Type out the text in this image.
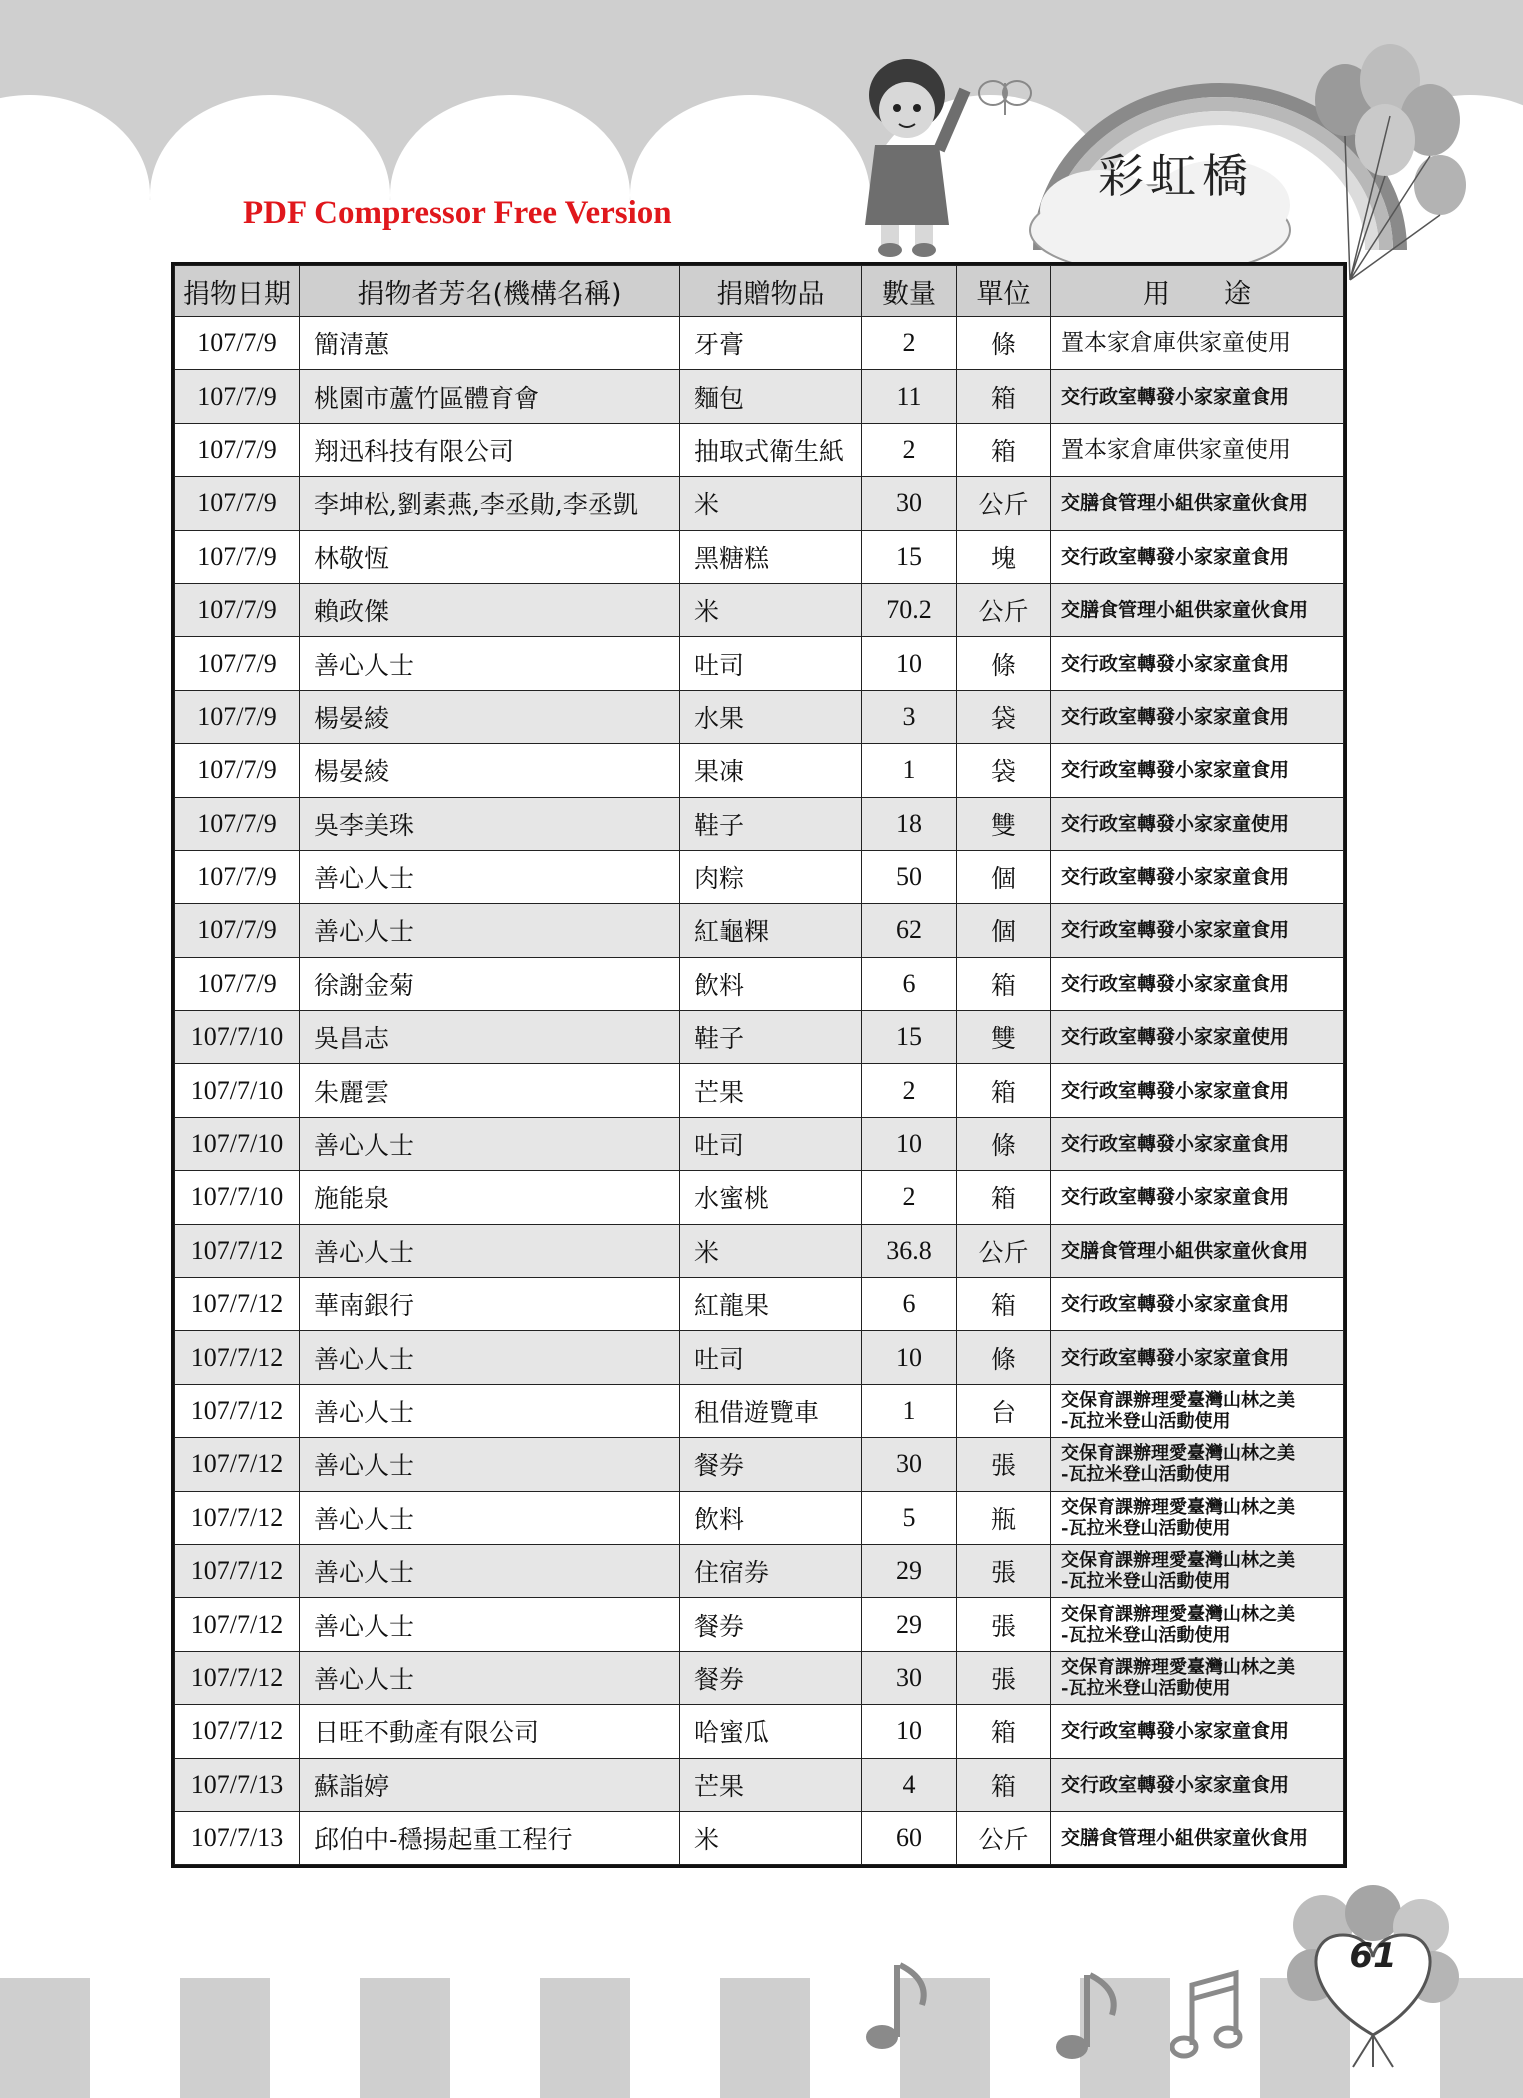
彩虹橋
PDF Compressor Free Version
捐物日期	捐物者芳名(機構名稱)	捐贈物品	數量	單位	用　　途
107/7/9	簡清蕙	牙膏	2	條	置本家倉庫供家童使用
107/7/9	桃園市蘆竹區體育會	麵包	11	箱	交行政室轉發小家家童食用
107/7/9	翔迅科技有限公司	抽取式衛生紙	2	箱	置本家倉庫供家童使用
107/7/9	李坤松,劉素燕,李丞勛,李丞凱	米	30	公斤	交膳食管理小組供家童伙食用
107/7/9	林敬恆	黑糖糕	15	塊	交行政室轉發小家家童食用
107/7/9	賴政傑	米	70.2	公斤	交膳食管理小組供家童伙食用
107/7/9	善心人士	吐司	10	條	交行政室轉發小家家童食用
107/7/9	楊晏綾	水果	3	袋	交行政室轉發小家家童食用
107/7/9	楊晏綾	果凍	1	袋	交行政室轉發小家家童食用
107/7/9	吳李美珠	鞋子	18	雙	交行政室轉發小家家童使用
107/7/9	善心人士	肉粽	50	個	交行政室轉發小家家童食用
107/7/9	善心人士	紅龜粿	62	個	交行政室轉發小家家童食用
107/7/9	徐謝金菊	飲料	6	箱	交行政室轉發小家家童食用
107/7/10	吳昌志	鞋子	15	雙	交行政室轉發小家家童使用
107/7/10	朱麗雲	芒果	2	箱	交行政室轉發小家家童食用
107/7/10	善心人士	吐司	10	條	交行政室轉發小家家童食用
107/7/10	施能泉	水蜜桃	2	箱	交行政室轉發小家家童食用
107/7/12	善心人士	米	36.8	公斤	交膳食管理小組供家童伙食用
107/7/12	華南銀行	紅龍果	6	箱	交行政室轉發小家家童食用
107/7/12	善心人士	吐司	10	條	交行政室轉發小家家童食用
107/7/12	善心人士	租借遊覽車	1	台	交保育課辦理愛臺灣山林之美
-瓦拉米登山活動使用
107/7/12	善心人士	餐券	30	張	交保育課辦理愛臺灣山林之美
-瓦拉米登山活動使用
107/7/12	善心人士	飲料	5	瓶	交保育課辦理愛臺灣山林之美
-瓦拉米登山活動使用
107/7/12	善心人士	住宿券	29	張	交保育課辦理愛臺灣山林之美
-瓦拉米登山活動使用
107/7/12	善心人士	餐券	29	張	交保育課辦理愛臺灣山林之美
-瓦拉米登山活動使用
107/7/12	善心人士	餐券	30	張	交保育課辦理愛臺灣山林之美
-瓦拉米登山活動使用
107/7/12	日旺不動產有限公司	哈蜜瓜	10	箱	交行政室轉發小家家童食用
107/7/13	蘇詣婷	芒果	4	箱	交行政室轉發小家家童食用
107/7/13	邱伯中-穩揚起重工程行	米	60	公斤	交膳食管理小組供家童伙食用
61
